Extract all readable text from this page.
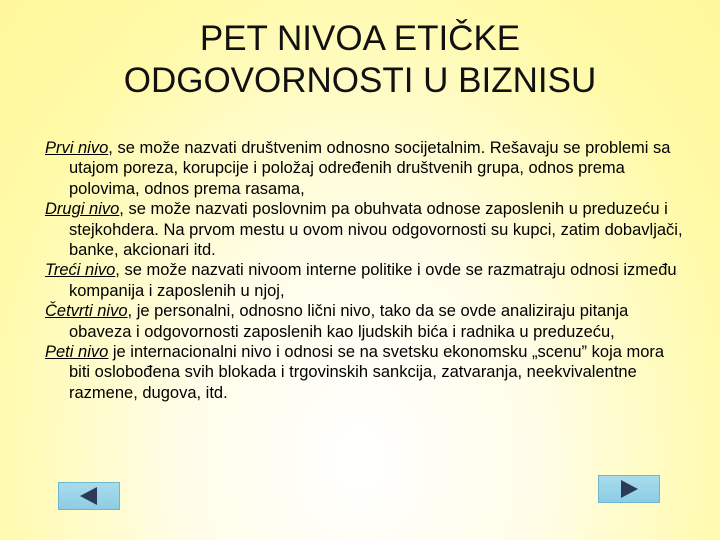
PET NIVOA ETIČKE
ODGOVORNOSTI U BIZNISU

Prvi nivo, se može nazvati društvenim odnosno socijetalnim. Rešavaju se problemi sa utajom poreza, korupcije i položaj određenih društvenih grupa, odnos prema polovima, odnos prema rasama,

Drugi nivo, se može nazvati poslovnim pa obuhvata odnose zaposlenih u preduzeću i stejkohdera. Na prvom mestu u ovom nivou odgovornosti su kupci, zatim dobavljači, banke, akcionari itd.

Treći nivo, se može nazvati nivoom interne politike i ovde se razmatraju odnosi između kompanija i zaposlenih u njoj,

Četvrti nivo, je personalni, odnosno lični nivo, tako da se ovde analiziraju pitanja obaveza i odgovornosti zaposlenih kao ljudskih bića i radnika u preduzeću,

Peti nivo je internacionalni nivo i odnosi se na svetsku ekonomsku „scenu” koja mora biti oslobođena svih blokada i trgovinskih sankcija, zatvaranja, neekvivalentne razmene, dugova, itd.
